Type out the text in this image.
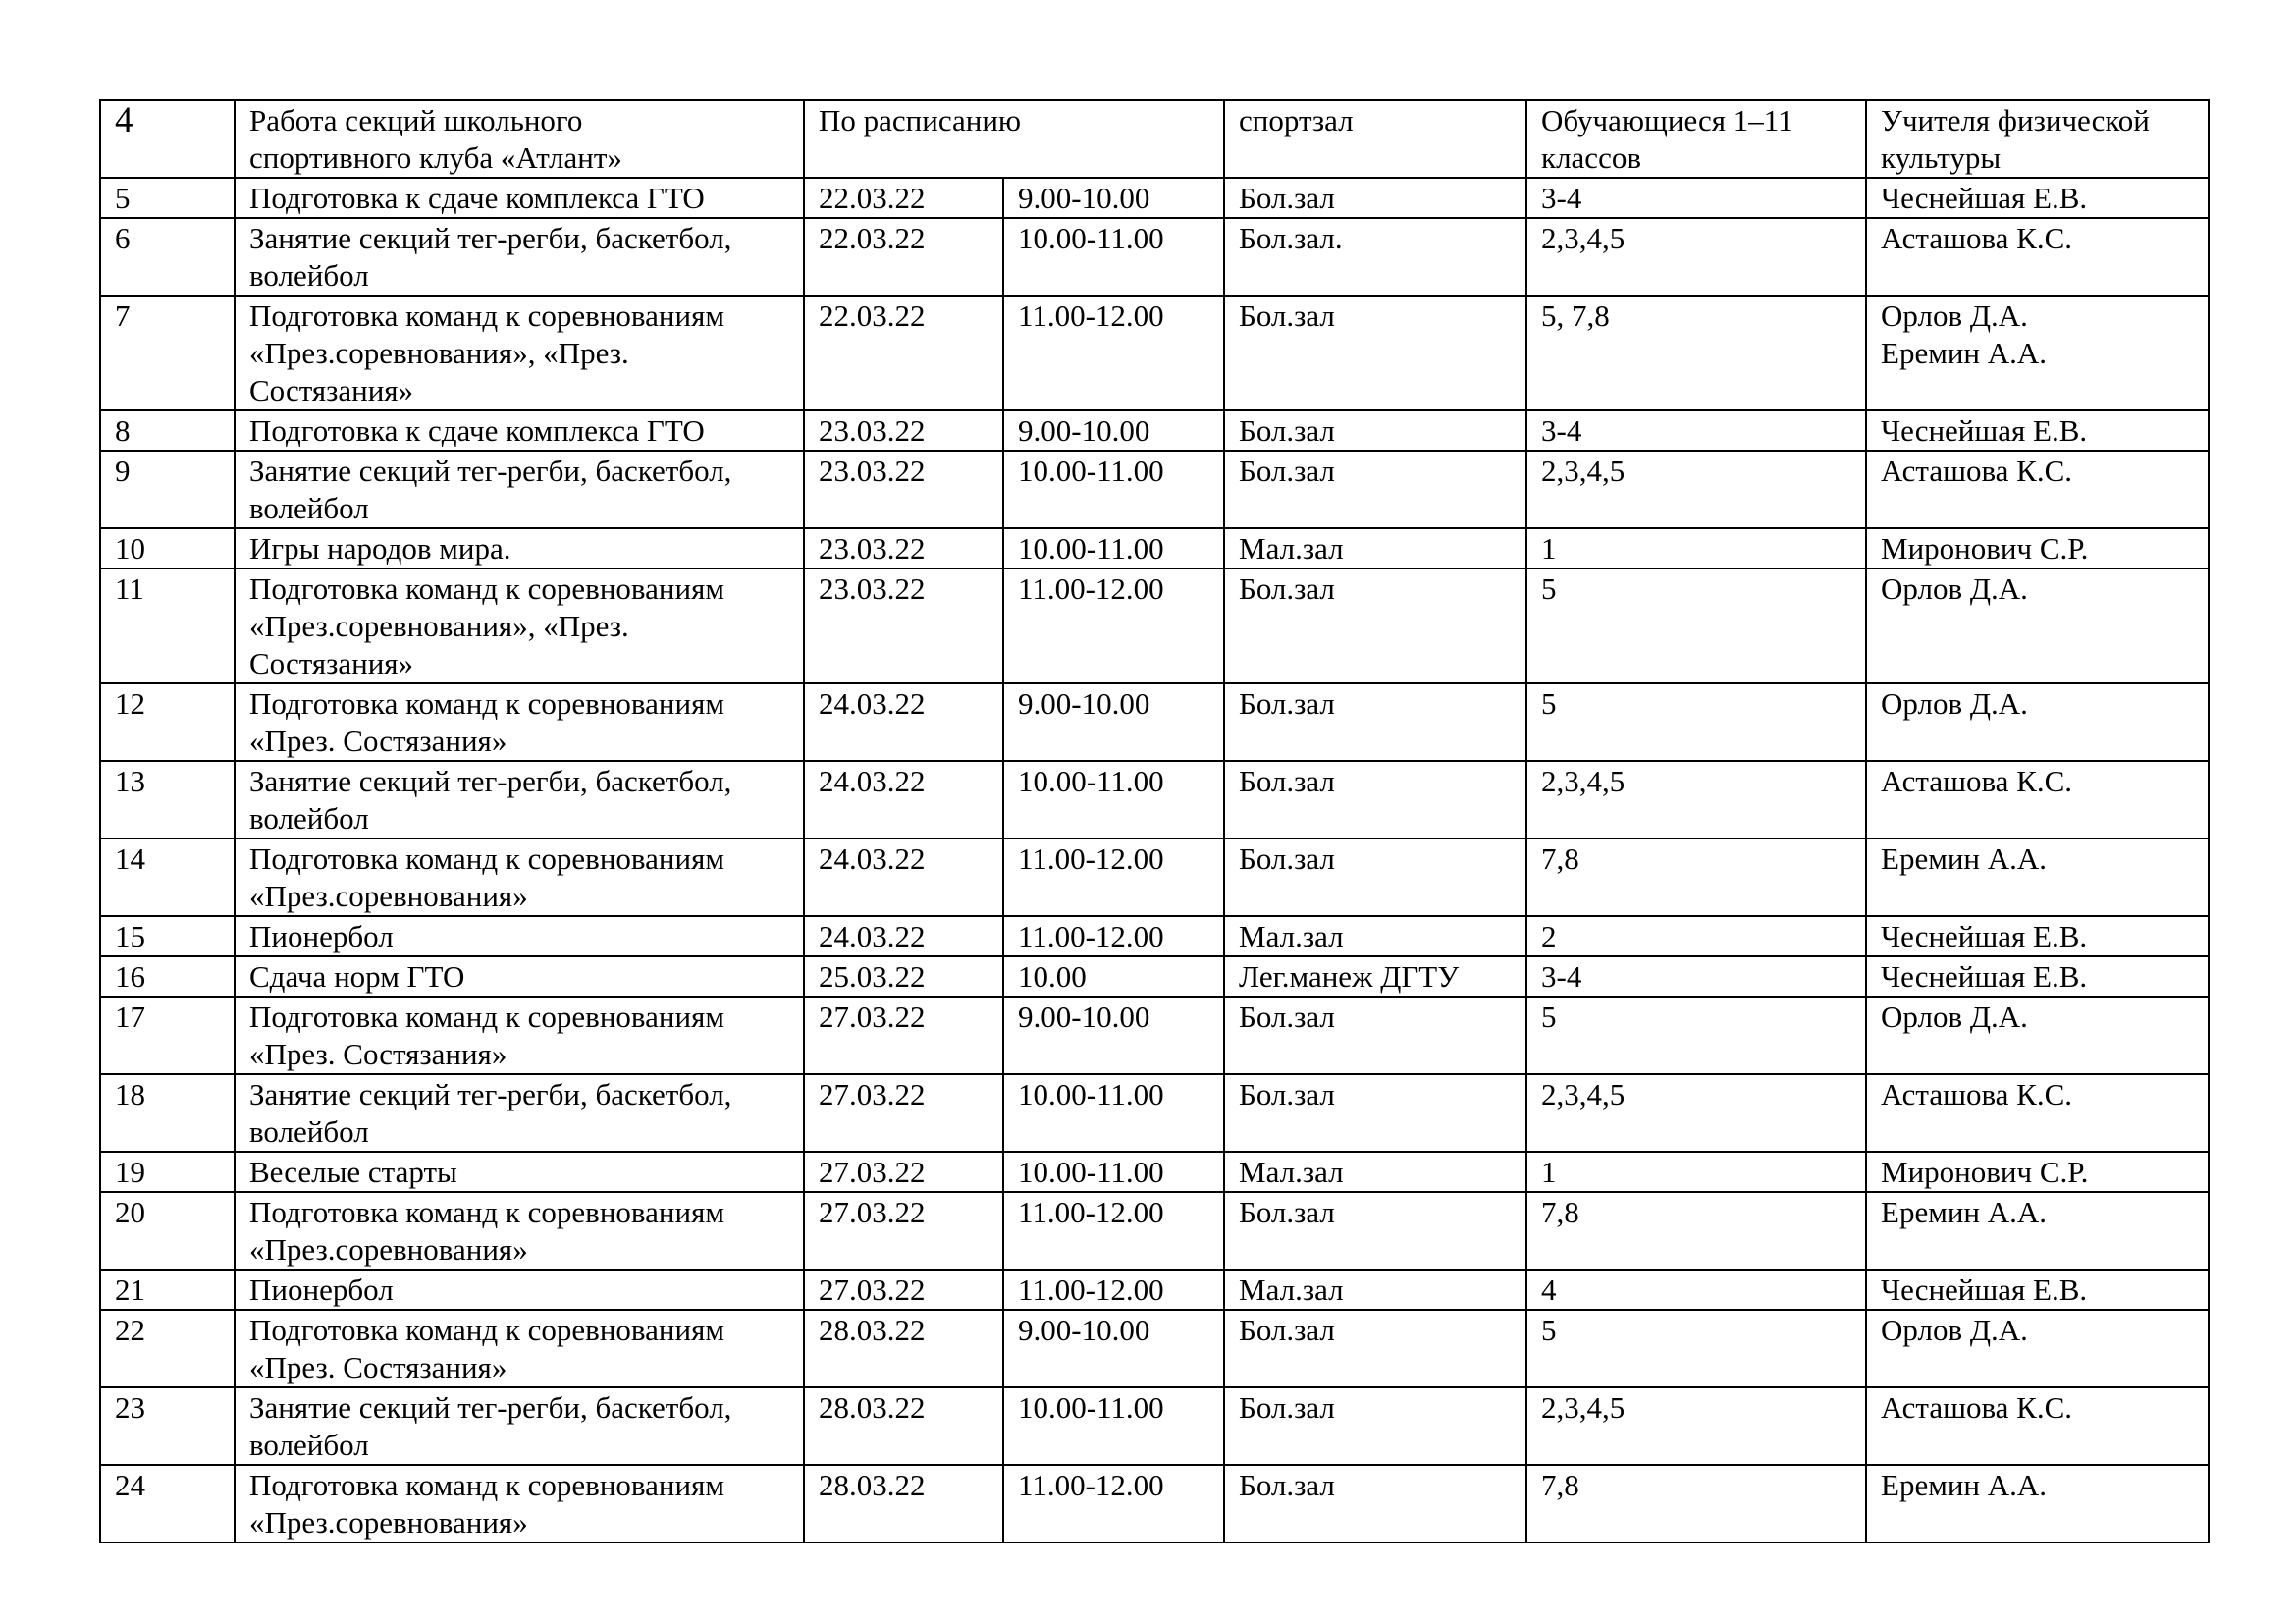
4	Работа секций школьного
спортивного клуба «Атлант»	По расписанию		спортзал	Обучающиеся 1–11
классов	Учителя физической
культуры
5	Подготовка к сдаче комплекса ГТО	22.03.22	9.00-10.00	Бол.зал	3-4	Чеснейшая Е.В.
6	Занятие секций тег-регби, баскетбол,
волейбол	22.03.22	10.00-11.00	Бол.зал.	2,3,4,5	Асташова К.С.
7	Подготовка команд к соревнованиям
«През.соревнования», «През.
Состязания»	22.03.22	11.00-12.00	Бол.зал	5, 7,8	Орлов Д.А.
Еремин А.А.
8	Подготовка к сдаче комплекса ГТО	23.03.22	9.00-10.00	Бол.зал	3-4	Чеснейшая Е.В.
9	Занятие секций тег-регби, баскетбол,
волейбол	23.03.22	10.00-11.00	Бол.зал	2,3,4,5	Асташова К.С.
10	Игры народов мира.	23.03.22	10.00-11.00	Мал.зал	1	Миронович С.Р.
11	Подготовка команд к соревнованиям
«През.соревнования», «През.
Состязания»	23.03.22	11.00-12.00	Бол.зал	5	Орлов Д.А.
12	Подготовка команд к соревнованиям
«През. Состязания»	24.03.22	9.00-10.00	Бол.зал	5	Орлов Д.А.
13	Занятие секций тег-регби, баскетбол,
волейбол	24.03.22	10.00-11.00	Бол.зал	2,3,4,5	Асташова К.С.
14	Подготовка команд к соревнованиям
«През.соревнования»	24.03.22	11.00-12.00	Бол.зал	7,8	Еремин А.А.
15	Пионербол	24.03.22	11.00-12.00	Мал.зал	2	Чеснейшая Е.В.
16	Сдача норм ГТО	25.03.22	10.00	Лег.манеж ДГТУ	3-4	Чеснейшая Е.В.
17	Подготовка команд к соревнованиям
«През. Состязания»	27.03.22	9.00-10.00	Бол.зал	5	Орлов Д.А.
18	Занятие секций тег-регби, баскетбол,
волейбол	27.03.22	10.00-11.00	Бол.зал	2,3,4,5	Асташова К.С.
19	Веселые старты	27.03.22	10.00-11.00	Мал.зал	1	Миронович С.Р.
20	Подготовка команд к соревнованиям
«През.соревнования»	27.03.22	11.00-12.00	Бол.зал	7,8	Еремин А.А.
21	Пионербол	27.03.22	11.00-12.00	Мал.зал	4	Чеснейшая Е.В.
22	Подготовка команд к соревнованиям
«През. Состязания»	28.03.22	9.00-10.00	Бол.зал	5	Орлов Д.А.
23	Занятие секций тег-регби, баскетбол,
волейбол	28.03.22	10.00-11.00	Бол.зал	2,3,4,5	Асташова К.С.
24	Подготовка команд к соревнованиям
«През.соревнования»	28.03.22	11.00-12.00	Бол.зал	7,8	Еремин А.А.
